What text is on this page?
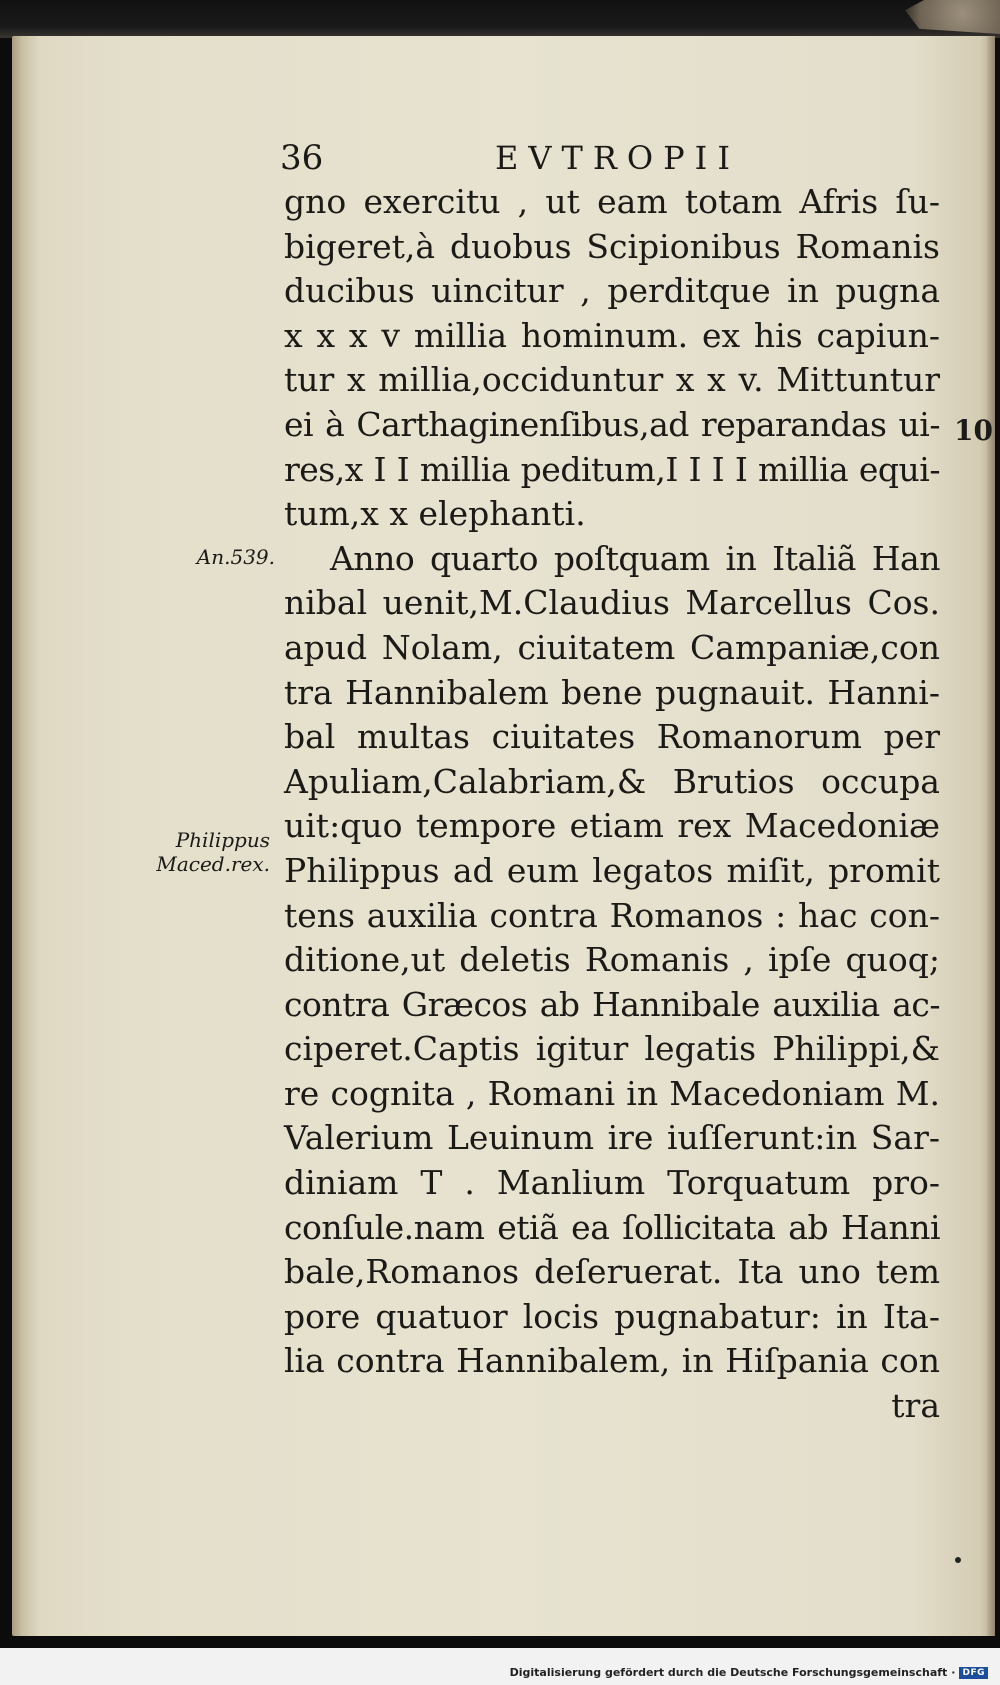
36	EVTROPII
An.539.
Philippus
Maced.rex.
10
gno exercitu , ut eam totam Afris ſu-
bigeret,à duobus Scipionibus Romanis
ducibus uincitur , perditque in pugna
x x x v millia hominum. ex his capiun-
tur x millia,occiduntur x x v. Mittuntur
ei à Carthaginenſibus,ad reparandas ui-
res,x I I millia peditum,I I I I millia equi-
tum,x x elephanti.
Anno quarto poſtquam in Italiã Han
nibal uenit,M.Claudius Marcellus Cos.
apud Nolam, ciuitatem Campaniæ,con
tra Hannibalem bene pugnauit. Hanni-
bal multas ciuitates Romanorum per
Apuliam,Calabriam,& Brutios occupa
uit:quo tempore etiam rex Macedoniæ
Philippus ad eum legatos miſit, promit
tens auxilia contra Romanos : hac con-
ditione,ut deletis Romanis , ipſe quoq;
contra Græcos ab Hannibale auxilia ac-
ciperet.Captis igitur legatis Philippi,&
re cognita , Romani in Macedoniam M.
Valerium Leuinum ire iuſſerunt:in Sar-
diniam T . Manlium Torquatum pro-
conſule.nam etiã ea ſollicitata ab Hanni
bale,Romanos deſeruerat. Ita uno tem
pore quatuor locis pugnabatur: in Ita-
lia contra Hannibalem, in Hiſpania con
tra
Digitalisierung gefördert durch die Deutsche Forschungsgemeinschaft · DFG
